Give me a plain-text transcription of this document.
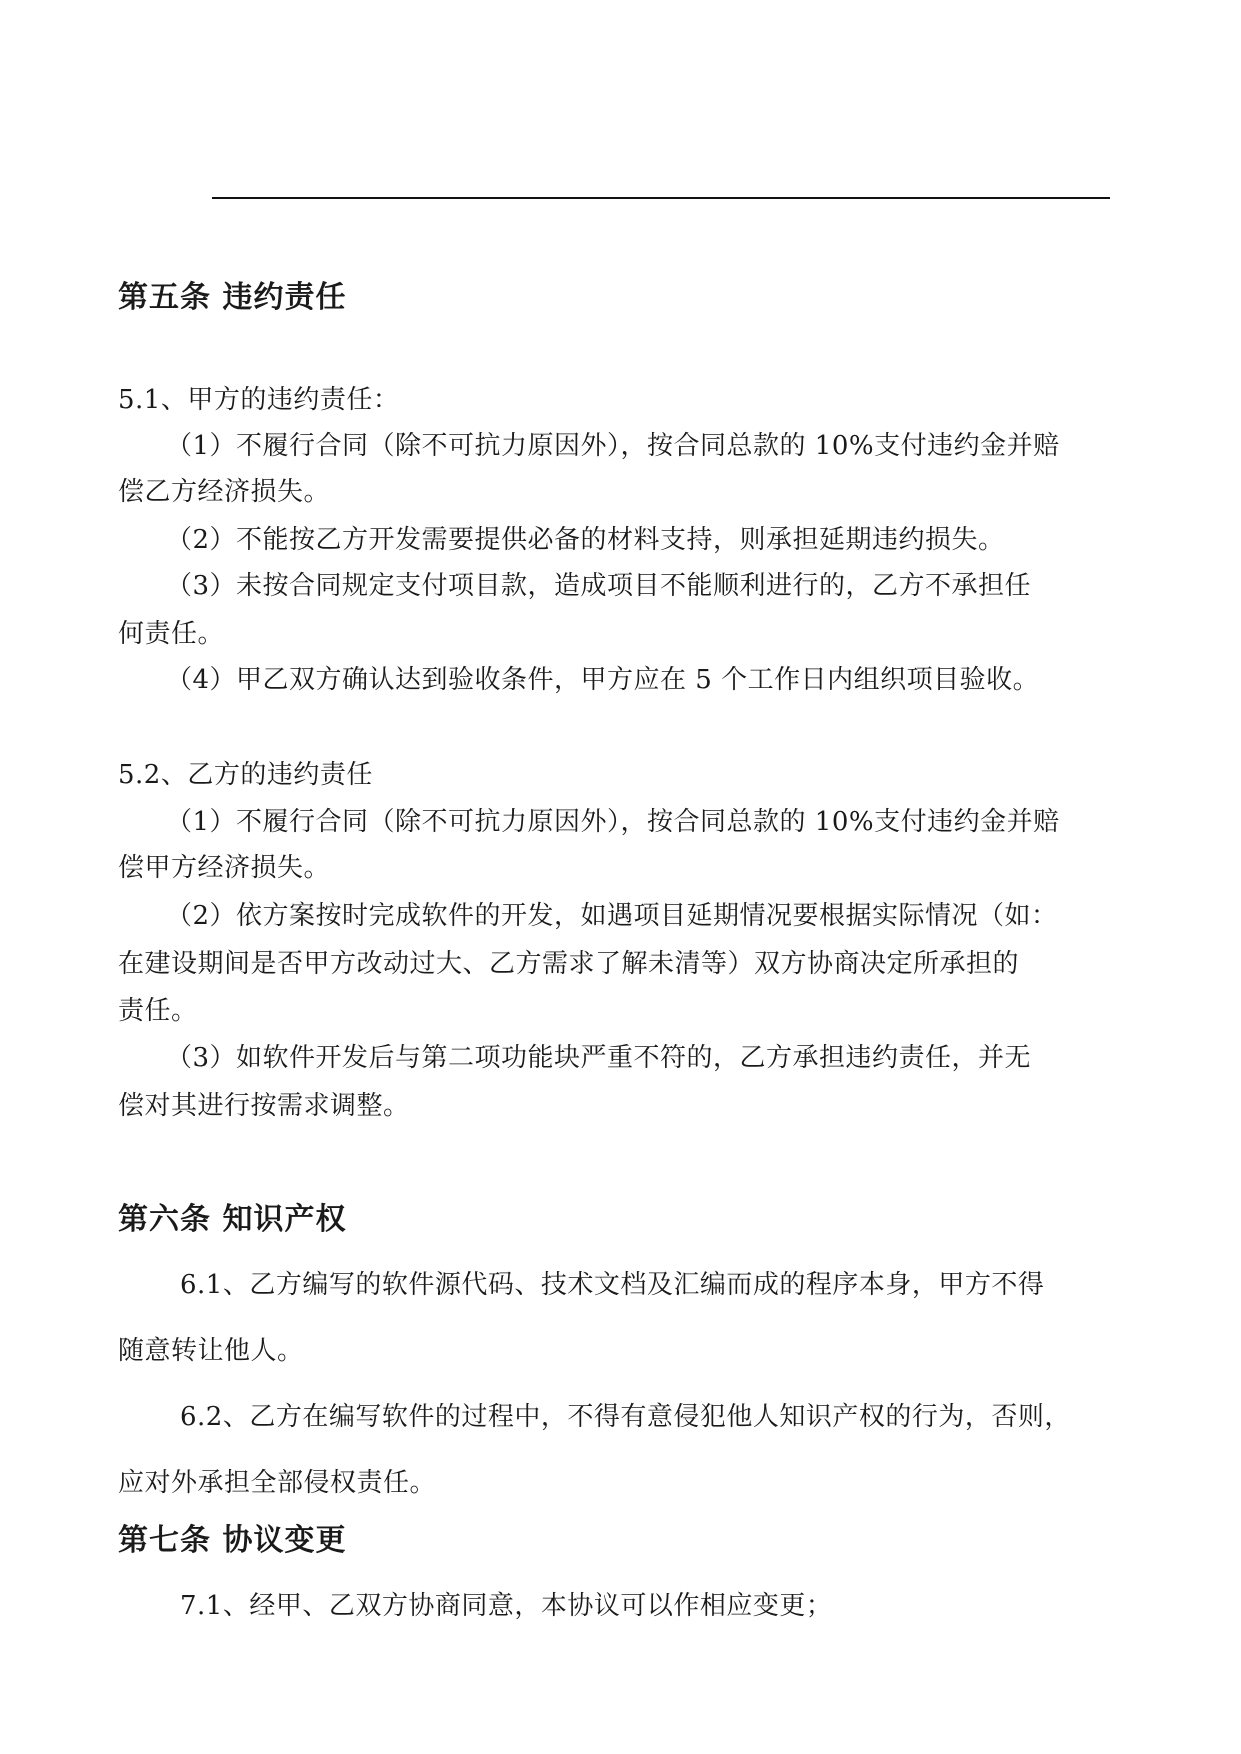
第五条 违约责任
5.1、甲方的违约责任：
（1）不履行合同（除不可抗力原因外），按合同总款的 10%支付违约金并赔
偿乙方经济损失。
（2）不能按乙方开发需要提供必备的材料支持，则承担延期违约损失。
（3）未按合同规定支付项目款，造成项目不能顺利进行的，乙方不承担任
何责任。
（4）甲乙双方确认达到验收条件，甲方应在 5 个工作日内组织项目验收。
5.2、乙方的违约责任
（1）不履行合同（除不可抗力原因外），按合同总款的 10%支付违约金并赔
偿甲方经济损失。
（2）依方案按时完成软件的开发，如遇项目延期情况要根据实际情况（如：
在建设期间是否甲方改动过大、乙方需求了解未清等）双方协商决定所承担的
责任。
（3）如软件开发后与第二项功能块严重不符的，乙方承担违约责任，并无
偿对其进行按需求调整。
第六条 知识产权
6.1、乙方编写的软件源代码、技术文档及汇编而成的程序本身，甲方不得
随意转让他人。
6.2、乙方在编写软件的过程中，不得有意侵犯他人知识产权的行为，否则，
应对外承担全部侵权责任。
第七条 协议变更
7.1、经甲、乙双方协商同意，本协议可以作相应变更；
